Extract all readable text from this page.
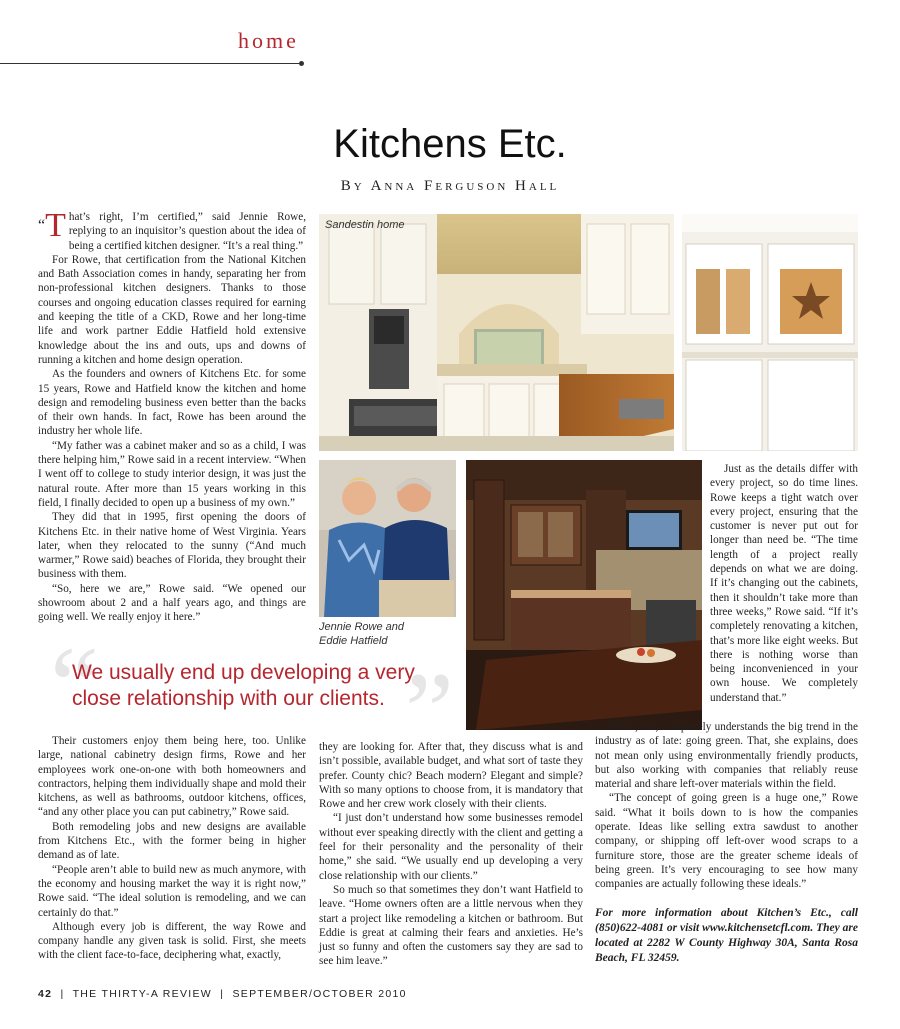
home
Kitchens Etc.
By Anna Ferguson Hall

“T hat’s right, I’m certified,” said Jennie Rowe, replying to an inquisitor’s question about the idea of being a certified kitchen designer. “It’s a real thing.”

For Rowe, that certification from the National Kitchen and Bath Association comes in handy, separating her from non-professional kitchen designers. Thanks to those courses and ongoing education classes required for earning and keeping the title of a CKD, Rowe and her long-time life and work partner Eddie Hatfield hold extensive knowledge about the ins and outs, ups and downs of running a kitchen and home design operation.

As the founders and owners of Kitchens Etc. for some 15 years, Rowe and Hatfield know the kitchen and home design and remodeling business even better than the backs of their own hands. In fact, Rowe has been around the industry her whole life.

“My father was a cabinet maker and so as a child, I was there helping him,” Rowe said in a recent interview. “When I went off to college to study interior design, it was just the natural route. After more than 15 years working in this field, I finally decided to open up a business of my own.”

They did that in 1995, first opening the doors of Kitchens Etc. in their native home of West Virginia. Years later, when they relocated to the sunny (“And much warmer,” Rowe said) beaches of Florida, they brought their business with them.

“So, here we are,” Rowe said. “We opened our showroom about 2 and a half years ago, and things are going well. We really enjoy it here.”

Sandestin home
Jennie Rowe and
Eddie Hatfield

Just as the details differ with every project, so do time lines. Rowe keeps a tight watch over every project, ensuring that the customer is never put out for longer than need be. “The time length of a project really depends on what we are doing. If it’s changing out the cabinets, then it shouldn’t take more than three weeks,” Rowe said. “If it’s completely renovating a kitchen, that’s more like eight weeks. But there is nothing worse than being inconvenienced in your own house. We completely understand that.”

“	”
We usually end up developing a very
close relationship with our clients.

Their customers enjoy them being here, too. Unlike large, national cabinetry design firms, Rowe and her employees work one-on-one with both homeowners and contractors, helping them individually shape and mold their kitchens, as well as bathrooms, outdoor kitchens, offices, “and any other place you can put cabinetry,” Rowe said.

Both remodeling jobs and new designs are available from Kitchens Etc., with the former being in higher demand as of late.

“People aren’t able to build new as much anymore, with the economy and housing market the way it is right now,” Rowe said. “The ideal solution is remodeling, and we can certainly do that.”

Although every job is different, the way Rowe and company handle any given task is solid. First, she meets with the client face-to-face, deciphering what, exactly,

they are looking for. After that, they discuss what is and isn’t possible, available budget, and what sort of taste they prefer. County chic? Beach modern? Elegant and simple? With so many options to choose from, it is mandatory that Rowe and her crew work closely with their clients.

“I just don’t understand how some businesses remodel without ever speaking directly with the client and getting a feel for their personality and the personality of their home,” she said. “We usually end up developing a very close relationship with our clients.”

So much so that sometimes they don’t want Hatfield to leave. “Home owners often are a little nervous when they start a project like remodeling a kitchen or bathroom. But Eddie is great at calming their fears and anxieties. He’s just so funny and often the customers say they are sad to see him leave.”

Rowe, too, completely understands the big trend in the industry as of late: going green. That, she explains, does not mean only using environmentally friendly products, but also working with companies that reliably reuse material and share left-over materials within the field.

“The concept of going green is a huge one,” Rowe said. “What it boils down to is how the companies operate. Ideas like selling extra sawdust to another company, or shipping off left-over wood scraps to a furniture store, those are the greater scheme ideals of being green. It’s very encouraging to see how many companies are actually following these ideals.”

For more information about Kitchen’s Etc., call (850)622-4081 or visit www.kitchensetcfl.com. They are located at 2282 W County Highway 30A, Santa Rosa Beach, FL 32459.

42 | THE THIRTY-A REVIEW | SEPTEMBER/OCTOBER 2010
